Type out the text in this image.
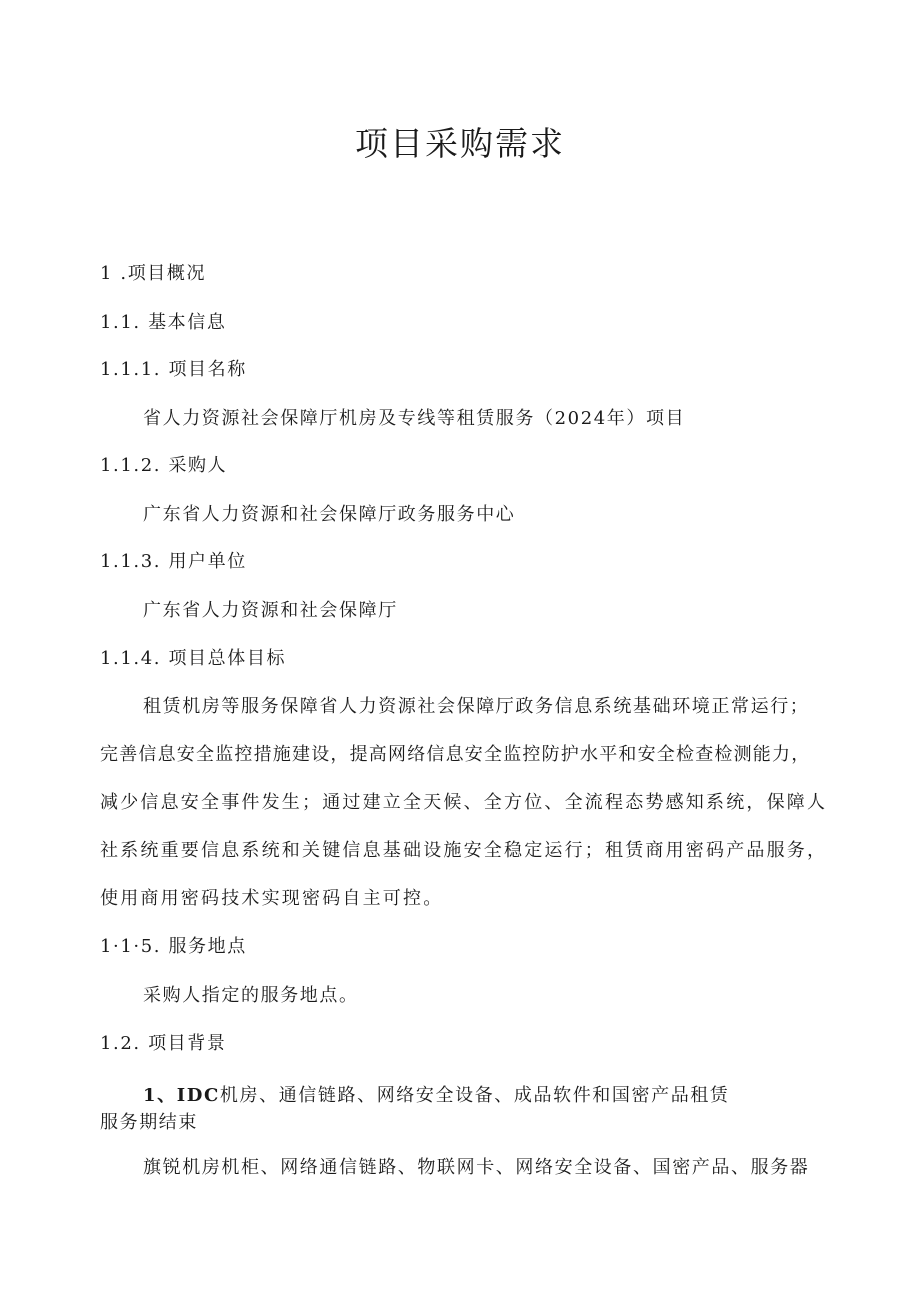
项目采购需求
1 .项目概况
1.1. 基本信息
1.1.1. 项目名称
省人力资源社会保障厅机房及专线等租赁服务（2024年）项目
1.1.2. 采购人
广东省人力资源和社会保障厅政务服务中心
1.1.3. 用户单位
广东省人力资源和社会保障厅
1.1.4. 项目总体目标
租赁机房等服务保障省人力资源社会保障厅政务信息系统基础环境正常运行；
完善信息安全监控措施建设，提高网络信息安全监控防护水平和安全检查检测能力，
减少信息安全事件发生；通过建立全天候、全方位、全流程态势感知系统，保障人
社系统重要信息系统和关键信息基础设施安全稳定运行；租赁商用密码产品服务，
使用商用密码技术实现密码自主可控。
1·1·5. 服务地点
采购人指定的服务地点。
1.2. 项目背景
1、IDC机房、通信链路、网络安全设备、成品软件和国密产品租赁
服务期结束
旗锐机房机柜、网络通信链路、物联网卡、网络安全设备、国密产品、服务器
